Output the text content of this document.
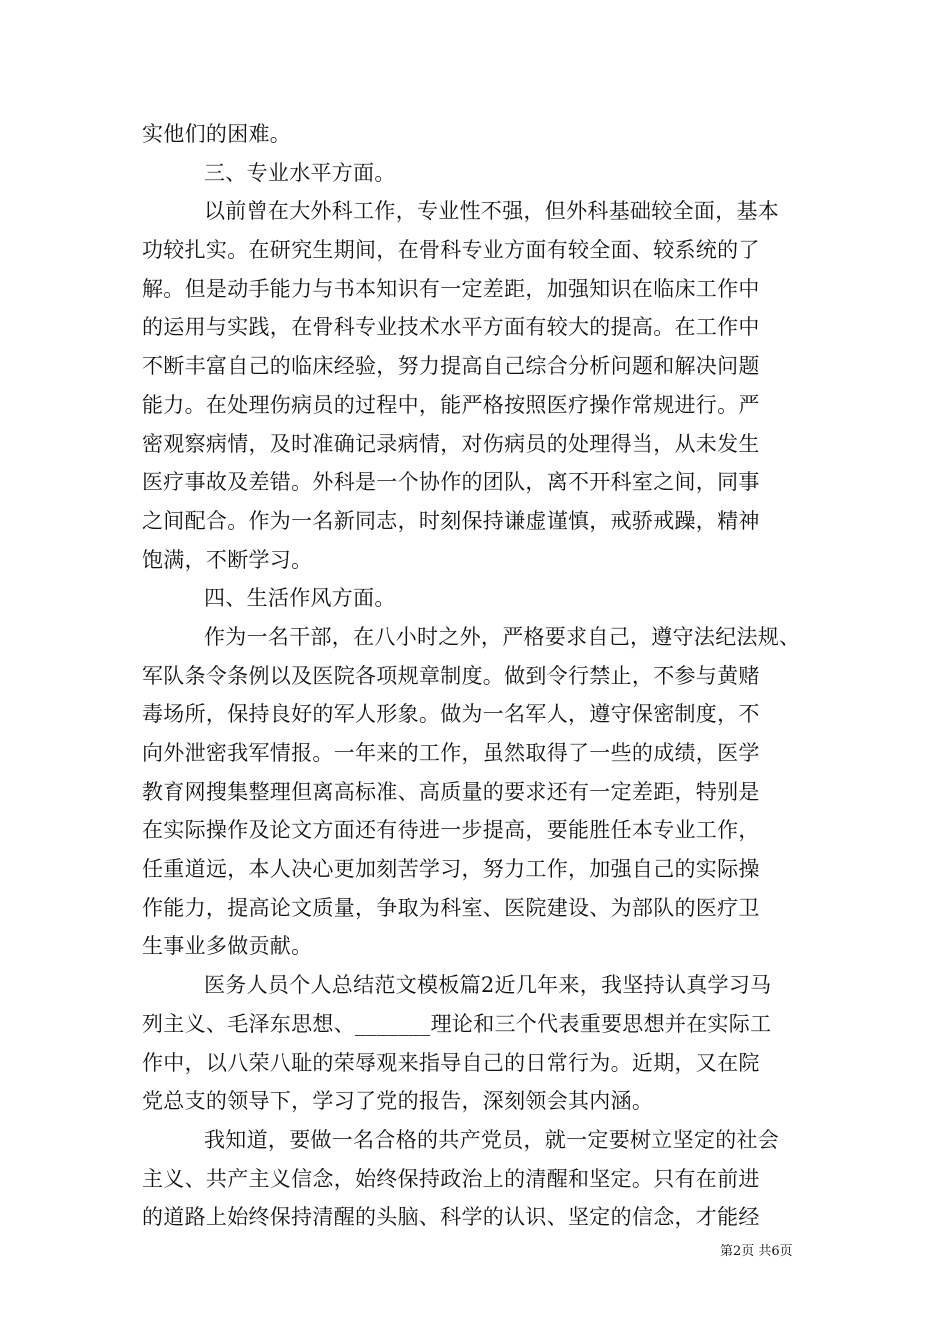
实他们的困难。
三、专业水平方面。
以前曾在大外科工作，专业性不强，但外科基础较全面，基本
功较扎实。在研究生期间，在骨科专业方面有较全面、较系统的了
解。但是动手能力与书本知识有一定差距，加强知识在临床工作中
的运用与实践，在骨科专业技术水平方面有较大的提高。在工作中
不断丰富自己的临床经验，努力提高自己综合分析问题和解决问题
能力。在处理伤病员的过程中，能严格按照医疗操作常规进行。严
密观察病情，及时准确记录病情，对伤病员的处理得当，从未发生
医疗事故及差错。外科是一个协作的团队，离不开科室之间，同事
之间配合。作为一名新同志，时刻保持谦虚谨慎，戒骄戒躁，精神
饱满，不断学习。
四、生活作风方面。
作为一名干部，在八小时之外，严格要求自己，遵守法纪法规、
军队条令条例以及医院各项规章制度。做到令行禁止，不参与黄赌
毒场所，保持良好的军人形象。做为一名军人，遵守保密制度，不
向外泄密我军情报。一年来的工作，虽然取得了一些的成绩，医学
教育网搜集整理但离高标准、高质量的要求还有一定差距，特别是
在实际操作及论文方面还有待进一步提高，要能胜任本专业工作，
任重道远，本人决心更加刻苦学习，努力工作，加强自己的实际操
作能力，提高论文质量，争取为科室、医院建设、为部队的医疗卫
生事业多做贡献。
医务人员个人总结范文模板篇2近几年来，我坚持认真学习马
列主义、毛泽东思想、_______理论和三个代表重要思想并在实际工
作中，以八荣八耻的荣辱观来指导自己的日常行为。近期，又在院
党总支的领导下，学习了党的报告，深刻领会其内涵。
我知道，要做一名合格的共产党员，就一定要树立坚定的社会
主义、共产主义信念，始终保持政治上的清醒和坚定。只有在前进
的道路上始终保持清醒的头脑、科学的认识、坚定的信念，才能经
第2页 共6页
